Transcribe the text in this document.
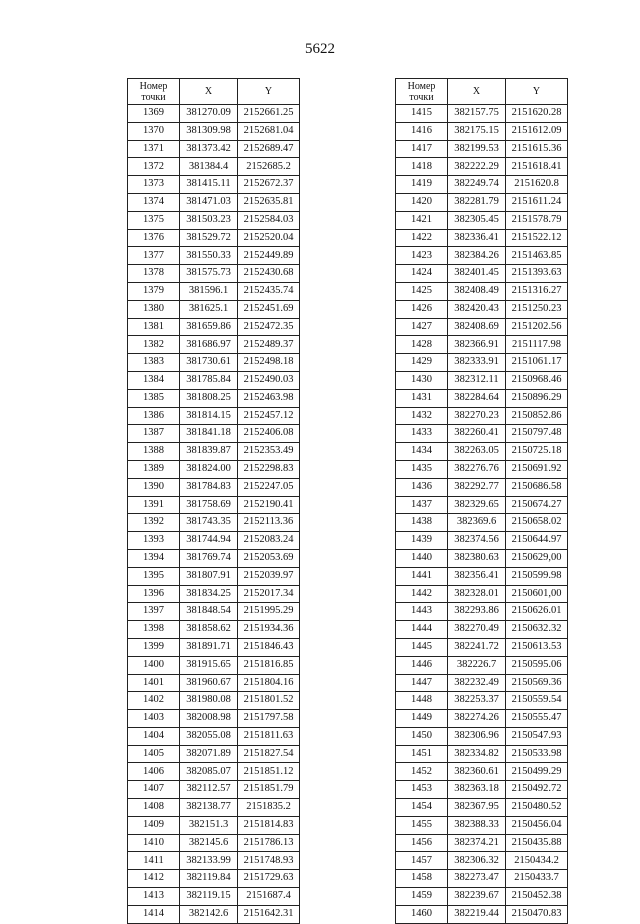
5622
Номер
точки	X	Y
1369	381270.09	2152661.25
1370	381309.98	2152681.04
1371	381373.42	2152689.47
1372	381384.4	2152685.2
1373	381415.11	2152672.37
1374	381471.03	2152635.81
1375	381503.23	2152584.03
1376	381529.72	2152520.04
1377	381550.33	2152449.89
1378	381575.73	2152430.68
1379	381596.1	2152435.74
1380	381625.1	2152451.69
1381	381659.86	2152472.35
1382	381686.97	2152489.37
1383	381730.61	2152498.18
1384	381785.84	2152490.03
1385	381808.25	2152463.98
1386	381814.15	2152457.12
1387	381841.18	2152406.08
1388	381839.87	2152353.49
1389	381824.00	2152298.83
1390	381784.83	2152247.05
1391	381758.69	2152190.41
1392	381743.35	2152113.36
1393	381744.94	2152083.24
1394	381769.74	2152053.69
1395	381807.91	2152039.97
1396	381834.25	2152017.34
1397	381848.54	2151995.29
1398	381858.62	2151934.36
1399	381891.71	2151846.43
1400	381915.65	2151816.85
1401	381960.67	2151804.16
1402	381980.08	2151801.52
1403	382008.98	2151797.58
1404	382055.08	2151811.63
1405	382071.89	2151827.54
1406	382085.07	2151851.12
1407	382112.57	2151851.79
1408	382138.77	2151835.2
1409	382151.3	2151814.83
1410	382145.6	2151786.13
1411	382133.99	2151748.93
1412	382119.84	2151729.63
1413	382119.15	2151687.4
1414	382142.6	2151642.31
Номер
точки	X	Y
1415	382157.75	2151620.28
1416	382175.15	2151612.09
1417	382199.53	2151615.36
1418	382222.29	2151618.41
1419	382249.74	2151620.8
1420	382281.79	2151611.24
1421	382305.45	2151578.79
1422	382336.41	2151522.12
1423	382384.26	2151463.85
1424	382401.45	2151393.63
1425	382408.49	2151316.27
1426	382420.43	2151250.23
1427	382408.69	2151202.56
1428	382366.91	2151117.98
1429	382333.91	2151061.17
1430	382312.11	2150968.46
1431	382284.64	2150896.29
1432	382270.23	2150852.86
1433	382260.41	2150797.48
1434	382263.05	2150725.18
1435	382276.76	2150691.92
1436	382292.77	2150686.58
1437	382329.65	2150674.27
1438	382369.6	2150658.02
1439	382374.56	2150644.97
1440	382380.63	2150629,00
1441	382356.41	2150599.98
1442	382328.01	2150601,00
1443	382293.86	2150626.01
1444	382270.49	2150632.32
1445	382241.72	2150613.53
1446	382226.7	2150595.06
1447	382232.49	2150569.36
1448	382253.37	2150559.54
1449	382274.26	2150555.47
1450	382306.96	2150547.93
1451	382334.82	2150533.98
1452	382360.61	2150499.29
1453	382363.18	2150492.72
1454	382367.95	2150480.52
1455	382388.33	2150456.04
1456	382374.21	2150435.88
1457	382306.32	2150434.2
1458	382273.47	2150433.7
1459	382239.67	2150452.38
1460	382219.44	2150470.83
